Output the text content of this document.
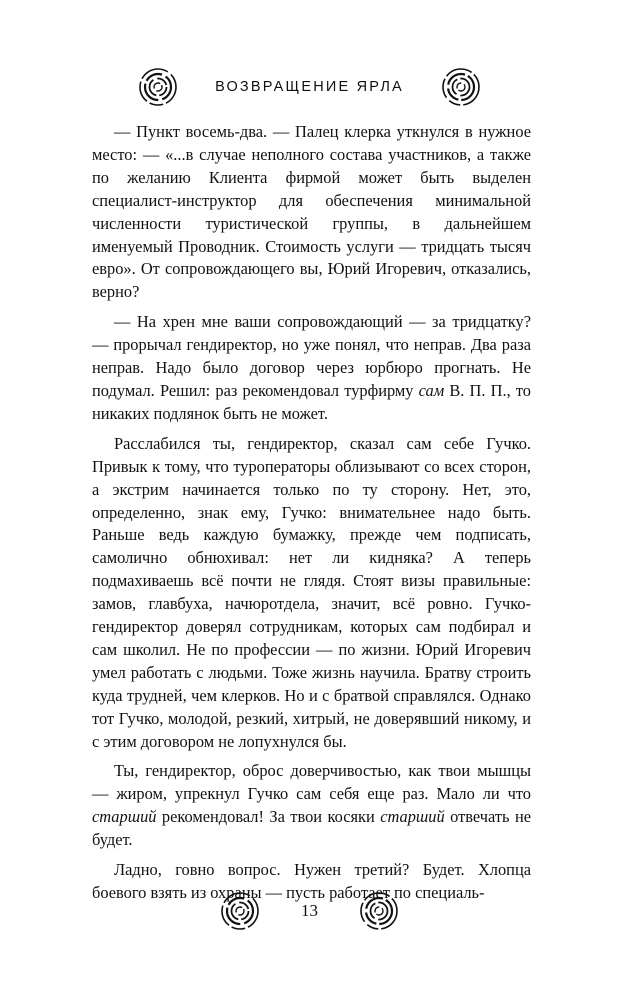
ВОЗВРАЩЕНИЕ ЯРЛА

— Пункт восемь-два. — Палец клерка уткнулся в нужное место: — «...в случае неполного состава участников, а также по желанию Клиента фирмой может быть выделен специалист-инструктор для обеспечения минимальной численности туристической группы, в дальнейшем именуемый Проводник. Стоимость услуги — тридцать тысяч евро». От сопровождающего вы, Юрий Игоревич, отказались, верно?

— На хрен мне ваши сопровождающий — за тридцатку? — прорычал гендиректор, но уже понял, что неправ. Два раза неправ. Надо было договор через юрбюро прогнать. Не подумал. Решил: раз рекомендовал турфирму сам В. П. П., то никаких подлянок быть не может.

Расслабился ты, гендиректор, сказал сам себе Гучко. Привык к тому, что туроператоры облизывают со всех сторон, а экстрим начинается только по ту сторону. Нет, это, определенно, знак ему, Гучко: внимательнее надо быть. Раньше ведь каждую бумажку, прежде чем подписать, самолично обнюхивал: нет ли кидняка? А теперь подмахиваешь всё почти не глядя. Стоят визы правильные: замов, главбуха, начюротдела, значит, всё ровно. Гучко-гендиректор доверял сотрудникам, которых сам подбирал и сам школил. Не по профессии — по жизни. Юрий Игоревич умел работать с людьми. Тоже жизнь научила. Братву строить куда трудней, чем клерков. Но и с братвой справлялся. Однако тот Гучко, молодой, резкий, хитрый, не доверявший никому, и с этим договором не лопухнулся бы.

Ты, гендиректор, оброс доверчивостью, как твои мышцы — жиром, упрекнул Гучко сам себя еще раз. Мало ли что старший рекомендовал! За твои косяки старший отвечать не будет.

Ладно, говно вопрос. Нужен третий? Будет. Хлопца боевого взять из охраны — пусть работает по специаль-

13
